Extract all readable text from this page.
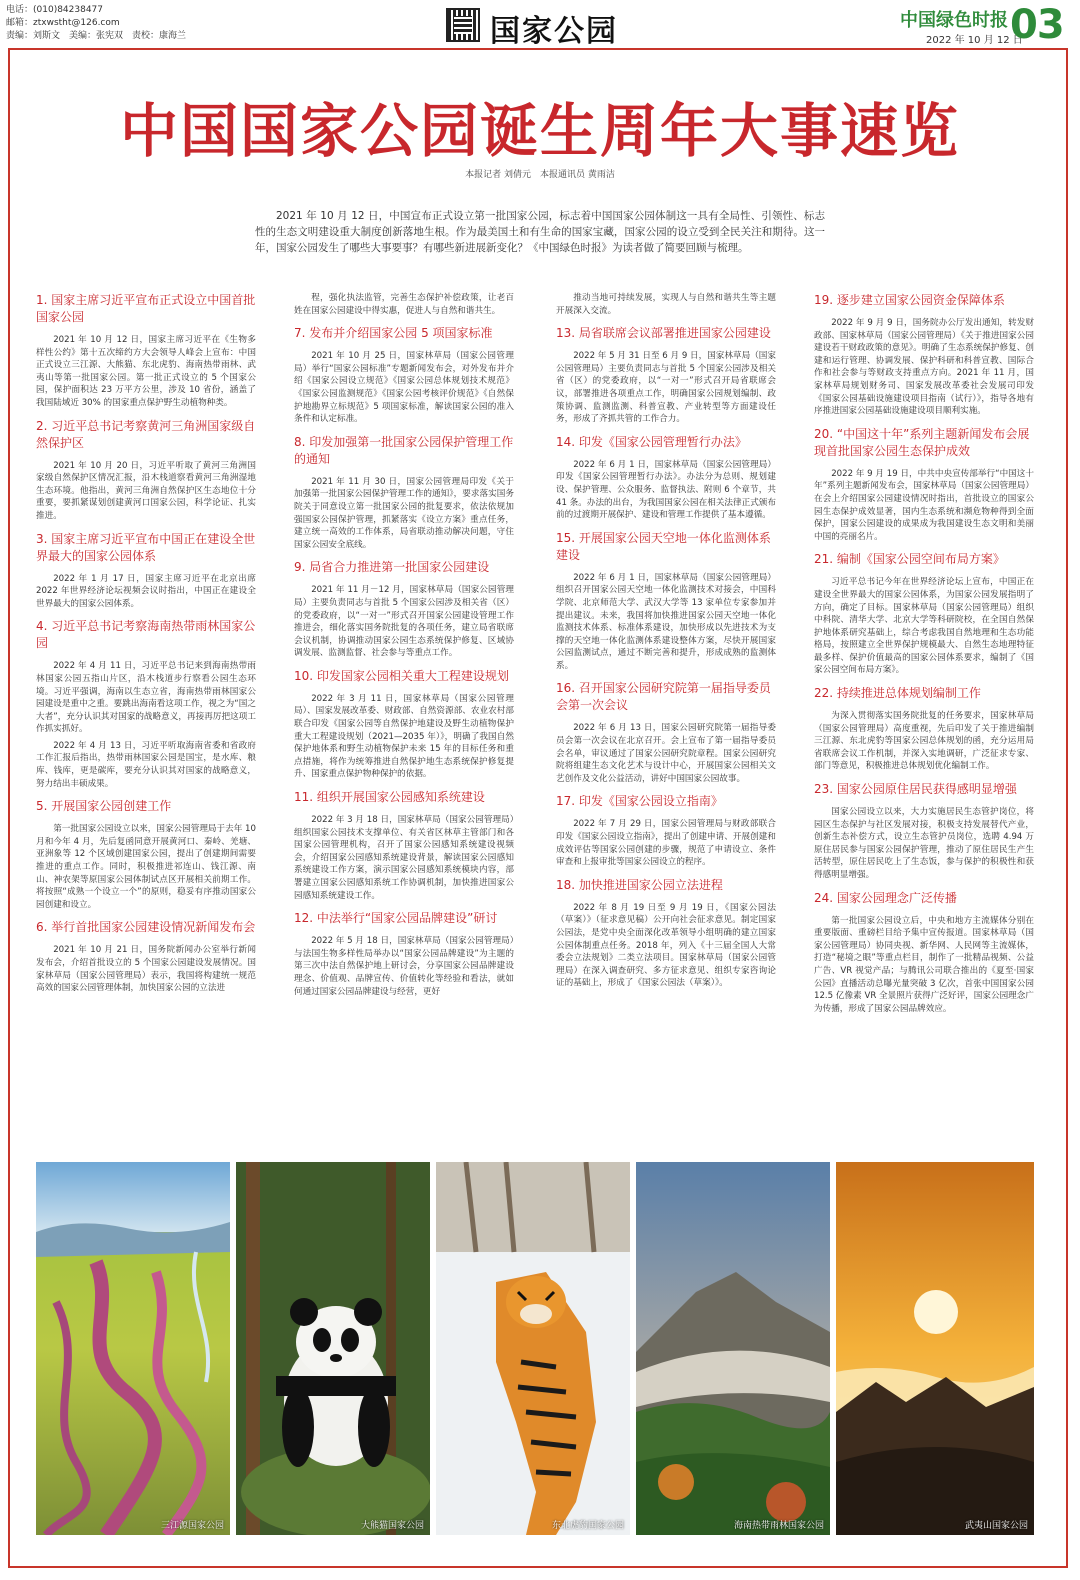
电话：(010)84238477
邮箱：ztxwstht@126.com
责编：刘斯文　美编：张宪双　责校：康海兰	国家公园	中国绿色时报
2022 年 10 月 12 日
03
中国国家公园诞生周年大事速览
本报记者 刘倩元　本报通讯员 黄雨洁

2021 年 10 月 12 日，中国宣布正式设立第一批国家公园，标志着中国国家公园体制这一具有全局性、引领性、标志性的生态文明建设重大制度创新落地生根。作为最美国土和有生命的国家宝藏，国家公园的设立受到全民关注和期待。这一年，国家公园发生了哪些大事要事？有哪些新进展新变化？《中国绿色时报》为读者做了简要回顾与梳理。

1. 国家主席习近平宣布正式设立中国首批国家公园

2021 年 10 月 12 日，国家主席习近平在《生物多样性公约》第十五次缔约方大会领导人峰会上宣布：中国正式设立三江源、大熊猫、东北虎豹、海南热带雨林、武夷山等第一批国家公园。第一批正式设立的 5 个国家公园，保护面积达 23 万平方公里，涉及 10 省份，涵盖了我国陆域近 30% 的国家重点保护野生动植物种类。

2. 习近平总书记考察黄河三角洲国家级自然保护区

2021 年 10 月 20 日，习近平听取了黄河三角洲国家级自然保护区情况汇报，沿木栈道察看黄河三角洲湿地生态环境。他指出，黄河三角洲自然保护区生态地位十分重要，要抓紧谋划创建黄河口国家公园，科学论证、扎实推进。

3. 国家主席习近平宣布中国正在建设全世界最大的国家公园体系

2022 年 1 月 17 日，国家主席习近平在北京出席 2022 年世界经济论坛视频会议时指出，中国正在建设全世界最大的国家公园体系。

4. 习近平总书记考察海南热带雨林国家公园

2022 年 4 月 11 日，习近平总书记来到海南热带雨林国家公园五指山片区，沿木栈道步行察看公园生态环境。习近平强调，海南以生态立省，海南热带雨林国家公园建设是重中之重。要跳出海南看这项工作，视之为“国之大者”，充分认识其对国家的战略意义，再接再厉把这项工作抓实抓好。

2022 年 4 月 13 日，习近平听取海南省委和省政府工作汇报后指出，热带雨林国家公园是国宝，是水库、粮库、钱库，更是碳库，要充分认识其对国家的战略意义，努力结出丰硕成果。

5. 开展国家公园创建工作

第一批国家公园设立以来，国家公园管理局于去年 10 月和今年 4 月，先后复函同意开展黄河口、秦岭、羌塘、亚洲象等 12 个区域创建国家公园，提出了创建期间需要推进的重点工作。同时，积极推进祁连山、钱江源、南山、神农架等原国家公园体制试点区开展相关前期工作。将按照“成熟一个设立一个”的原则，稳妥有序推动国家公园创建和设立。

6. 举行首批国家公园建设情况新闻发布会

2021 年 10 月 21 日，国务院新闻办公室举行新闻发布会，介绍首批设立的 5 个国家公园建设发展情况。国家林草局（国家公园管理局）表示，我国将构建统一规范高效的国家公园管理体制，加快国家公园的立法进

程，强化执法监管，完善生态保护补偿政策，让老百姓在国家公园建设中得实惠，促进人与自然和谐共生。

7. 发布并介绍国家公园 5 项国家标准

2021 年 10 月 25 日，国家林草局（国家公园管理局）举行“国家公园标准”专题新闻发布会，对外发布并介绍《国家公园设立规范》《国家公园总体规划技术规范》《国家公园监测规范》《国家公园考核评价规范》《自然保护地勘界立标规范》5 项国家标准，解读国家公园的准入条件和认定标准。

8. 印发加强第一批国家公园保护管理工作的通知

2021 年 11 月 30 日，国家公园管理局印发《关于加强第一批国家公园保护管理工作的通知》，要求落实国务院关于同意设立第一批国家公园的批复要求，依法依规加强国家公园保护管理，抓紧落实《设立方案》重点任务，建立统一高效的工作体系，局省联动推动解决问题，守住国家公园安全底线。

9. 局省合力推进第一批国家公园建设

2021 年 11 月－12 月，国家林草局（国家公园管理局）主要负责同志与首批 5 个国家公园涉及相关省（区）的党委政府，以“一对一”形式召开国家公园建设管理工作推进会，细化落实国务院批复的各项任务，建立局省联席会议机制，协调推动国家公园生态系统保护修复、区域协调发展、监测监督、社会参与等重点工作。

10. 印发国家公园相关重大工程建设规划

2022 年 3 月 11 日，国家林草局（国家公园管理局）、国家发展改革委、财政部、自然资源部、农业农村部联合印发《国家公园等自然保护地建设及野生动植物保护重大工程建设规划（2021—2035 年）》，明确了我国自然保护地体系和野生动植物保护未来 15 年的目标任务和重点措施，将作为统筹推进自然保护地生态系统保护修复提升、国家重点保护物种保护的依据。

11. 组织开展国家公园感知系统建设

2022 年 3 月 18 日，国家林草局（国家公园管理局）组织国家公园技术支撑单位、有关省区林草主管部门和各国家公园管理机构，召开了国家公园感知系统建设视频会，介绍国家公园感知系统建设背景，解读国家公园感知系统建设工作方案，演示国家公园感知系统模块内容，部署建立国家公园感知系统工作协调机制，加快推进国家公园感知系统建设工作。

12. 中法举行“国家公园品牌建设”研讨

2022 年 5 月 18 日，国家林草局（国家公园管理局）与法国生物多样性局举办以“国家公园品牌建设”为主题的第三次中法自然保护地上研讨会，分享国家公园品牌建设理念、价值观、品牌宣传、价值转化等经验和看法，就如何通过国家公园品牌建设与经营，更好

推动当地可持续发展，实现人与自然和谐共生等主题开展深入交流。

13. 局省联席会议部署推进国家公园建设

2022 年 5 月 31 日至 6 月 9 日，国家林草局（国家公园管理局）主要负责同志与首批 5 个国家公园涉及相关省（区）的党委政府，以“一对一”形式召开局省联席会议，部署推进各项重点工作，明确国家公园规划编制、政策协调、监测监测、科普宣教、产业转型等方面建设任务，形成了齐抓共管的工作合力。

14. 印发《国家公园管理暂行办法》

2022 年 6 月 1 日，国家林草局（国家公园管理局）印发《国家公园管理暂行办法》。办法分为总则、规划建设、保护管理、公众服务、监督执法、附则 6 个章节，共 41 条。办法的出台，为我国国家公园在相关法律正式颁布前的过渡期开展保护、建设和管理工作提供了基本遵循。

15. 开展国家公园天空地一体化监测体系建设

2022 年 6 月 1 日，国家林草局（国家公园管理局）组织召开国家公园天空地一体化监测技术对接会，中国科学院、北京师范大学、武汉大学等 13 家单位专家参加并提出建议。未来，我国将加快推进国家公园天空地一体化监测技术体系、标准体系建设，加快形成以先进技术为支撑的天空地一体化监测体系建设整体方案，尽快开展国家公园监测试点，通过不断完善和提升，形成成熟的监测体系。

16. 召开国家公园研究院第一届指导委员会第一次会议

2022 年 6 月 13 日，国家公园研究院第一届指导委员会第一次会议在北京召开。会上宣布了第一届指导委员会名单，审议通过了国家公园研究院章程。国家公园研究院将组建生态文化艺术与设计中心，开展国家公园相关文艺创作及文化公益活动，讲好中国国家公园故事。

17. 印发《国家公园设立指南》

2022 年 7 月 29 日，国家公园管理局与财政部联合印发《国家公园设立指南》，提出了创建申请、开展创建和成效评估等国家公园创建的步骤，规范了申请设立、条件审查和上报审批等国家公园设立的程序。

18. 加快推进国家公园立法进程

2022 年 8 月 19 日至 9 月 19 日，《国家公园法（草案）》（征求意见稿）公开向社会征求意见。制定国家公园法，是党中央全面深化改革领导小组明确的建立国家公园体制重点任务。2018 年，列入《十三届全国人大常委会立法规划》二类立法项目。国家林草局（国家公园管理局）在深入调查研究、多方征求意见、组织专家咨询论证的基础上，形成了《国家公园法（草案）》。

19. 逐步建立国家公园资金保障体系

2022 年 9 月 9 日，国务院办公厅发出通知，转发财政部、国家林草局（国家公园管理局）《关于推进国家公园建设若干财政政策的意见》。明确了生态系统保护修复、创建和运行管理、协调发展、保护科研和科普宣教、国际合作和社会参与等财政支持重点方向。2021 年 11 月，国家林草局规划财务司、国家发展改革委社会发展司印发《国家公园基础设施建设项目指南（试行）》，指导各地有序推进国家公园基础设施建设项目顺利实施。

20. “中国这十年”系列主题新闻发布会展现首批国家公园生态保护成效

2022 年 9 月 19 日，中共中央宣传部举行“中国这十年”系列主题新闻发布会，国家林草局（国家公园管理局）在会上介绍国家公园建设情况时指出，首批设立的国家公园生态保护成效显著，国内生态系统和濒危物种得到全面保护，国家公园建设的成果成为我国建设生态文明和美丽中国的亮丽名片。

21. 编制《国家公园空间布局方案》

习近平总书记今年在世界经济论坛上宣布，中国正在建设全世界最大的国家公园体系，为国家公园发展指明了方向，确定了目标。国家林草局（国家公园管理局）组织中科院、清华大学、北京大学等科研院校，在全国自然保护地体系研究基础上，综合考虑我国自然地理和生态功能格局，按照建立全世界保护规模最大、自然生态地理特征最多样、保护价值最高的国家公园体系要求，编制了《国家公园空间布局方案》。

22. 持续推进总体规划编制工作

为深入贯彻落实国务院批复的任务要求，国家林草局（国家公园管理局）高度重视，先后印发了关于推进编制三江源、东北虎豹等国家公园总体规划的函，充分运用局省联席会议工作机制，并深入实地调研，广泛征求专家、部门等意见，积极推进总体规划优化编制工作。

23. 国家公园原住居民获得感明显增强

国家公园设立以来，大力实施居民生态管护岗位，将园区生态保护与社区发展对接，积极支持发展替代产业，创新生态补偿方式，设立生态管护员岗位，选聘 4.94 万原住居民参与国家公园保护管理，推动了原住居民生产生活转型，原住居民吃上了生态饭，参与保护的积极性和获得感明显增强。

24. 国家公园理念广泛传播

第一批国家公园设立后，中央和地方主流媒体分别在重要版面、重磅栏目给予集中宣传报道。国家林草局（国家公园管理局）协同央视、新华网、人民网等主流媒体，打造“秘境之眼”等重点栏目，制作了一批精品视频、公益广告、VR 视觉产品；与腾讯公司联合推出的《夏至·国家公园》直播活动总曝光量突破 3 亿次，首张中国国家公园 12.5 亿像素 VR 全景照片获得广泛好评，国家公园理念广为传播，形成了国家公园品牌效应。

三江源国家公园	大熊猫国家公园	东北虎豹国家公园	海南热带雨林国家公园	武夷山国家公园
